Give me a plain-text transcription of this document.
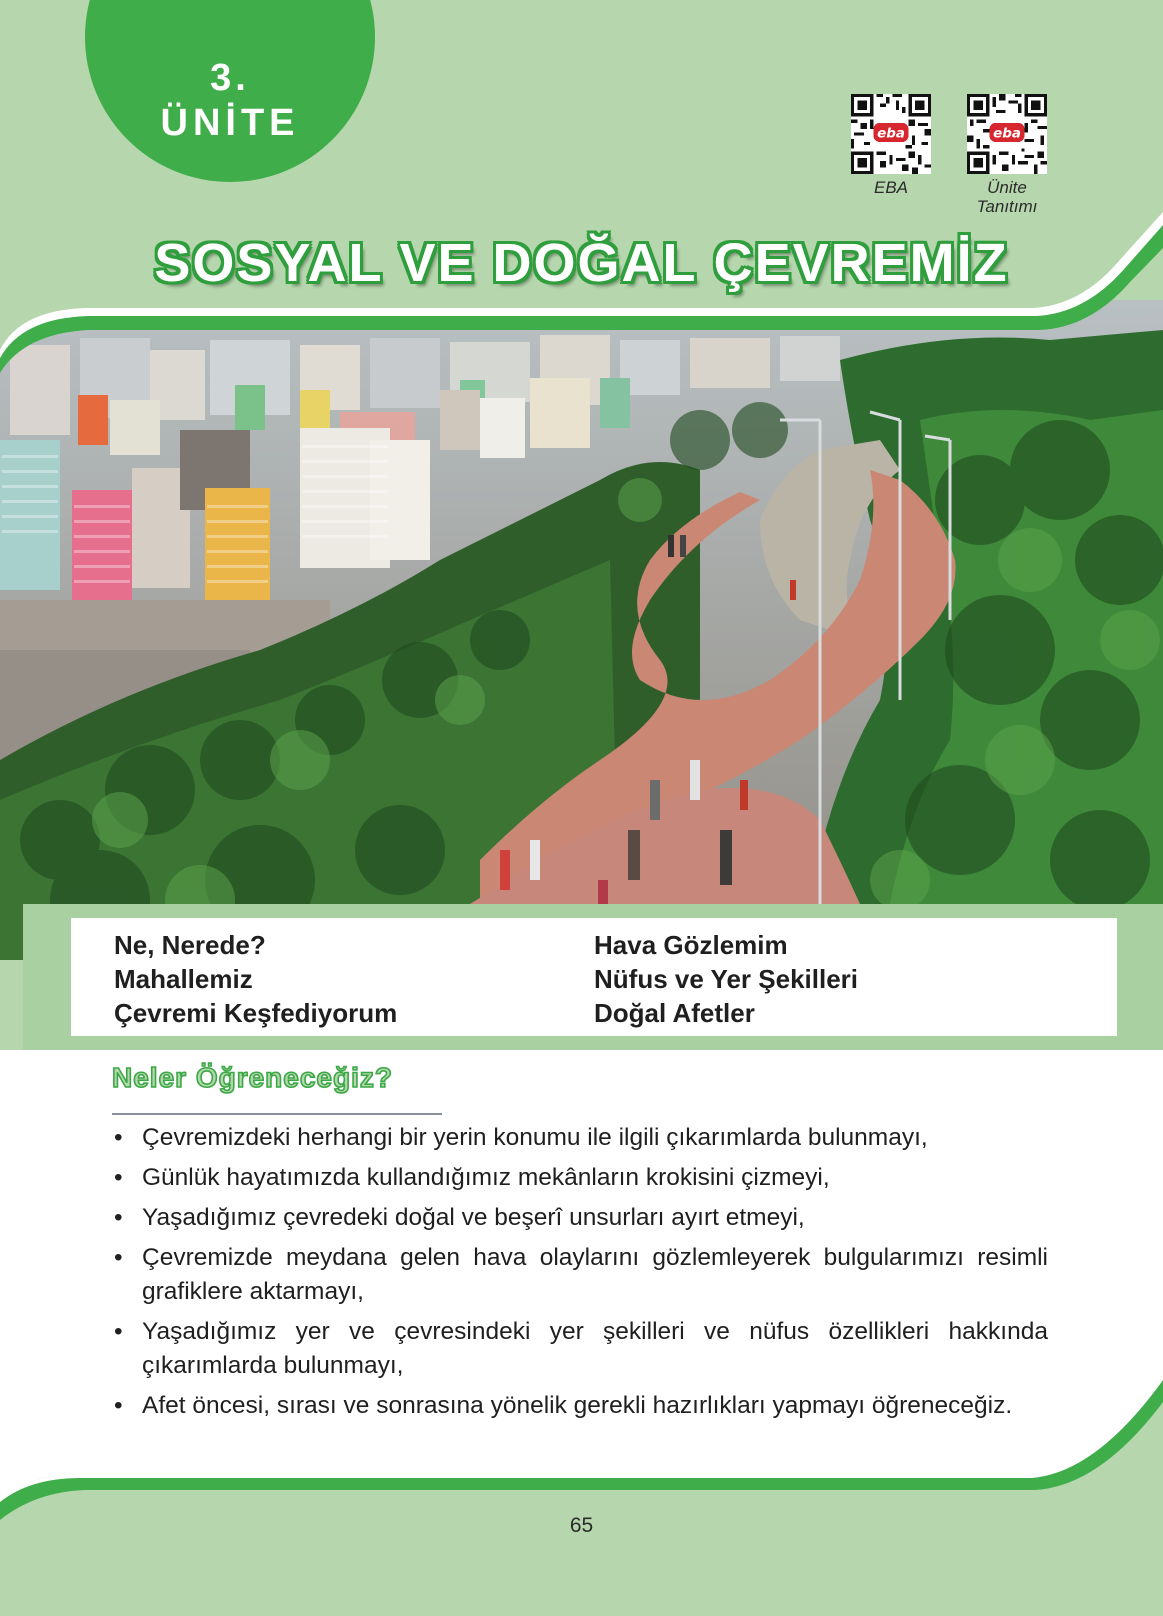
3.
ÜNİTE	eba
EBA
eba
Ünite Tanıtımı
SOSYAL VE DOĞAL ÇEVREMİZ
Ne, Nerede?
Mahallemiz
Çevremi Keşfediyorum
Hava Gözlemim
Nüfus ve Yer Şekilleri
Doğal Afetler
Neler Öğreneceğiz?
• Çevremizdeki herhangi bir yerin konumu ile ilgili çıkarımlarda bulunmayı,
• Günlük hayatımızda kullandığımız mekânların krokisini çizmeyi,
• Yaşadığımız çevredeki doğal ve beşerî unsurları ayırt etmeyi,
• Çevremizde meydana gelen hava olaylarını gözlemleyerek bulgularımızı resimli grafiklere aktarmayı,
• Yaşadığımız yer ve çevresindeki yer şekilleri ve nüfus özellikleri hakkında çıkarımlarda bulunmayı,
• Afet öncesi, sırası ve sonrasına yönelik gerekli hazırlıkları yapmayı öğreneceğiz.
65
